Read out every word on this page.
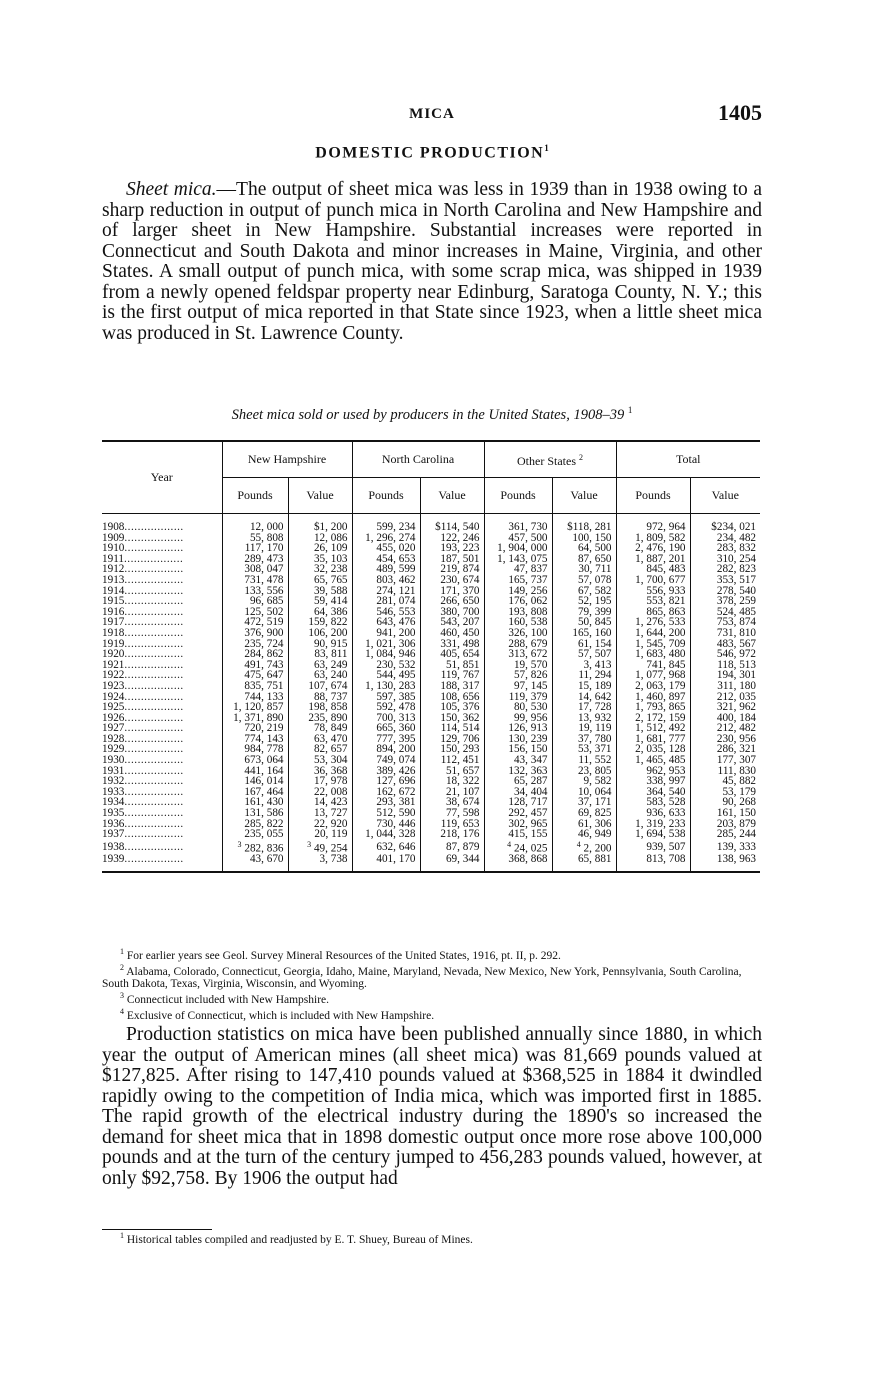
MICA	1405
DOMESTIC PRODUCTION$^1$
Sheet mica.—The output of sheet mica was less in 1939 than in 1938 owing to a sharp reduction in output of punch mica in North Carolina and New Hampshire and of larger sheet in New Hampshire. Substantial increases were reported in Connecticut and South Dakota and minor increases in Maine, Virginia, and other States. A small output of punch mica, with some scrap mica, was shipped in 1939 from a newly opened feldspar property near Edinburg, Saratoga County, N. Y.; this is the first output of mica reported in that State since 1923, when a little sheet mica was produced in St. Lawrence County.
Sheet mica sold or used by producers in the United States, 1908–39 $^1$
Year	New Hampshire		North Carolina		Other States $^2$		Total	
	Pounds	Value	Pounds	Value	Pounds	Value	Pounds	Value
1908..................	12, 000	$1, 200	599, 234	$114, 540	361, 730	$118, 281	972, 964	$234, 021
1909..................	55, 808	12, 086	1, 296, 274	122, 246	457, 500	100, 150	1, 809, 582	234, 482
1910..................	117, 170	26, 109	455, 020	193, 223	1, 904, 000	64, 500	2, 476, 190	283, 832
1911..................	289, 473	35, 103	454, 653	187, 501	1, 143, 075	87, 650	1, 887, 201	310, 254
1912..................	308, 047	32, 238	489, 599	219, 874	47, 837	30, 711	845, 483	282, 823
1913..................	731, 478	65, 765	803, 462	230, 674	165, 737	57, 078	1, 700, 677	353, 517
1914..................	133, 556	39, 588	274, 121	171, 370	149, 256	67, 582	556, 933	278, 540
1915..................	96, 685	59, 414	281, 074	266, 650	176, 062	52, 195	553, 821	378, 259
1916..................	125, 502	64, 386	546, 553	380, 700	193, 808	79, 399	865, 863	524, 485
1917..................	472, 519	159, 822	643, 476	543, 207	160, 538	50, 845	1, 276, 533	753, 874
1918..................	376, 900	106, 200	941, 200	460, 450	326, 100	165, 160	1, 644, 200	731, 810
1919..................	235, 724	90, 915	1, 021, 306	331, 498	288, 679	61, 154	1, 545, 709	483, 567
1920..................	284, 862	83, 811	1, 084, 946	405, 654	313, 672	57, 507	1, 683, 480	546, 972
1921..................	491, 743	63, 249	230, 532	51, 851	19, 570	3, 413	741, 845	118, 513
1922..................	475, 647	63, 240	544, 495	119, 767	57, 826	11, 294	1, 077, 968	194, 301
1923..................	835, 751	107, 674	1, 130, 283	188, 317	97, 145	15, 189	2, 063, 179	311, 180
1924..................	744, 133	88, 737	597, 385	108, 656	119, 379	14, 642	1, 460, 897	212, 035
1925..................	1, 120, 857	198, 858	592, 478	105, 376	80, 530	17, 728	1, 793, 865	321, 962
1926..................	1, 371, 890	235, 890	700, 313	150, 362	99, 956	13, 932	2, 172, 159	400, 184
1927..................	720, 219	78, 849	665, 360	114, 514	126, 913	19, 119	1, 512, 492	212, 482
1928..................	774, 143	63, 470	777, 395	129, 706	130, 239	37, 780	1, 681, 777	230, 956
1929..................	984, 778	82, 657	894, 200	150, 293	156, 150	53, 371	2, 035, 128	286, 321
1930..................	673, 064	53, 304	749, 074	112, 451	43, 347	11, 552	1, 465, 485	177, 307
1931..................	441, 164	36, 368	389, 426	51, 657	132, 363	23, 805	962, 953	111, 830
1932..................	146, 014	17, 978	127, 696	18, 322	65, 287	9, 582	338, 997	45, 882
1933..................	167, 464	22, 008	162, 672	21, 107	34, 404	10, 064	364, 540	53, 179
1934..................	161, 430	14, 423	293, 381	38, 674	128, 717	37, 171	583, 528	90, 268
1935..................	131, 586	13, 727	512, 590	77, 598	292, 457	69, 825	936, 633	161, 150
1936..................	285, 822	22, 920	730, 446	119, 653	302, 965	61, 306	1, 319, 233	203, 879
1937..................	235, 055	20, 119	1, 044, 328	218, 176	415, 155	46, 949	1, 694, 538	285, 244
1938..................	$^3$ 282, 836	$^3$ 49, 254	632, 646	87, 879	$^4$ 24, 025	$^4$ 2, 200	939, 507	139, 333
1939..................	43, 670	3, 738	401, 170	69, 344	368, 868	65, 881	813, 708	138, 963
$^1$ For earlier years see Geol. Survey Mineral Resources of the United States, 1916, pt. II, p. 292.
$^2$ Alabama, Colorado, Connecticut, Georgia, Idaho, Maine, Maryland, Nevada, New Mexico, New York, Pennsylvania, South Carolina, South Dakota, Texas, Virginia, Wisconsin, and Wyoming.
$^3$ Connecticut included with New Hampshire.
$^4$ Exclusive of Connecticut, which is included with New Hampshire.
Production statistics on mica have been published annually since 1880, in which year the output of American mines (all sheet mica) was 81,669 pounds valued at $127,825. After rising to 147,410 pounds valued at $368,525 in 1884 it dwindled rapidly owing to the competition of India mica, which was imported first in 1885. The rapid growth of the electrical industry during the 1890's so increased the demand for sheet mica that in 1898 domestic output once more rose above 100,000 pounds and at the turn of the century jumped to 456,283 pounds valued, however, at only $92,758. By 1906 the output had
$^1$ Historical tables compiled and readjusted by E. T. Shuey, Bureau of Mines.
